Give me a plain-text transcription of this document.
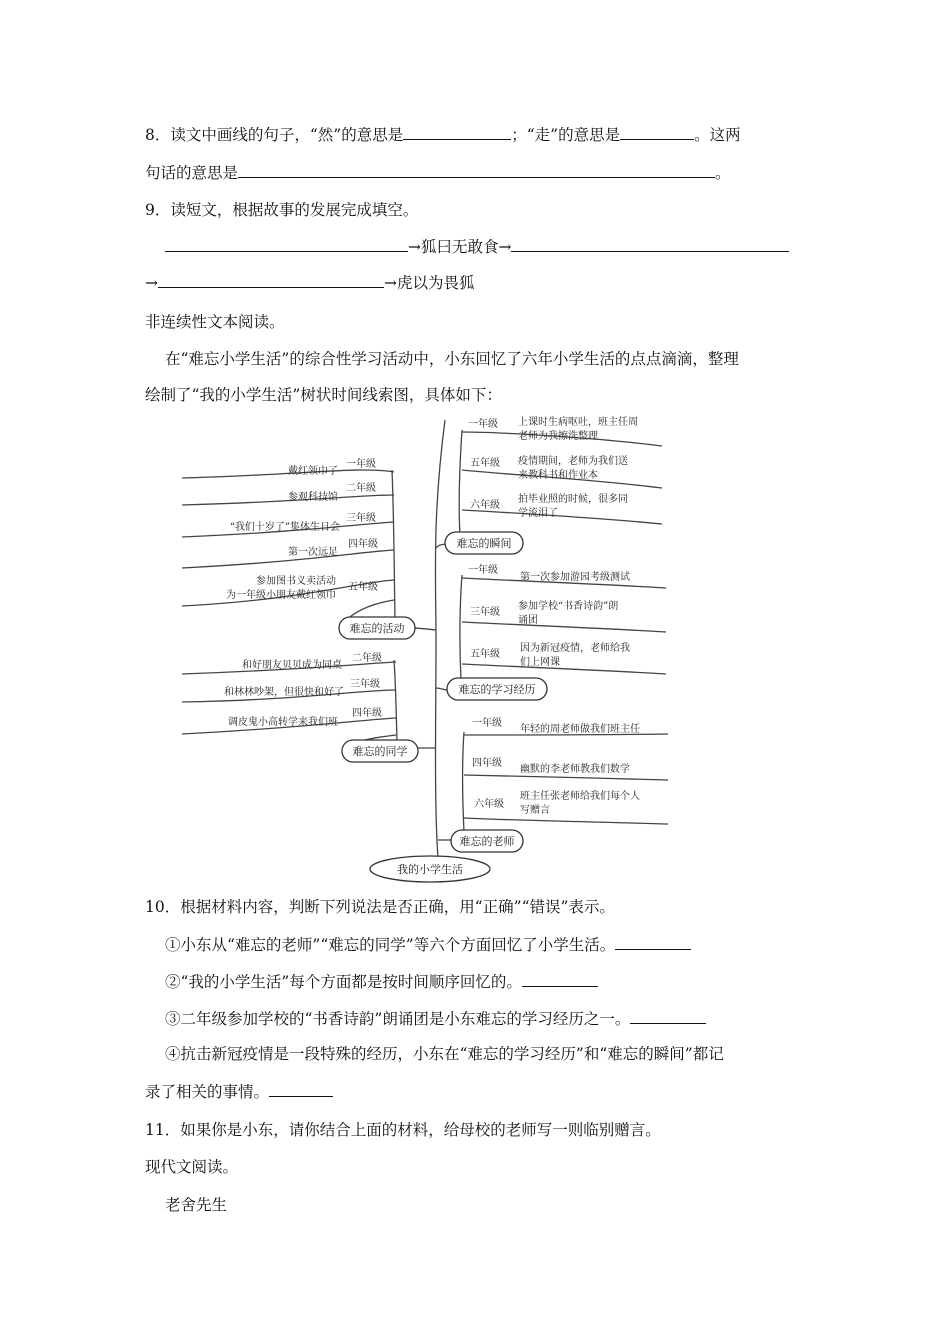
8．读文中画线的句子，“然”的意思是	；“走”的意思是	。这两
句话的意思是	。
9．读短文，根据故事的发展完成填空。
→狐曰无敢食→
→	→虎以为畏狐
非连续性文本阅读。
在“难忘小学生活”的综合性学习活动中，小东回忆了六年小学生活的点点滴滴，整理
绘制了“我的小学生活”树状时间线索图，具体如下：
难忘的活动
难忘的同学
难忘的瞬间
难忘的学习经历
难忘的老师
我的小学生活
一年级
戴红领巾了
二年级
参观科技馆
三年级
“我们十岁了”集体生日会
四年级
第一次远足
五年级
参加图书义卖活动
为一年级小朋友戴红领巾
二年级
和好朋友贝贝成为同桌
三年级
和林林吵架，但很快和好了
四年级
调皮鬼小高转学来我们班
一年级 上课时生病呕吐，班主任周
老师为我擦洗整理
五年级 疫情期间，老师为我们送
来教科书和作业本
六年级
拍毕业照的时候，很多同
学流泪了
一年级
第一次参加游园考级测试
三年级
参加学校“书香诗韵”朗
诵团
五年级
因为新冠疫情，老师给我
们上网课
一年级
年轻的周老师做我们班主任
四年级
幽默的李老师教我们数学
六年级
班主任张老师给我们每个人
写赠言
10．根据材料内容，判断下列说法是否正确，用“正确”“错误”表示。
①小东从“难忘的老师”“难忘的同学”等六个方面回忆了小学生活。
②“我的小学生活”每个方面都是按时间顺序回忆的。
③二年级参加学校的“书香诗韵”朗诵团是小东难忘的学习经历之一。
④抗击新冠疫情是一段特殊的经历，小东在“难忘的学习经历”和“难忘的瞬间”都记
录了相关的事情。
11．如果你是小东，请你结合上面的材料，给母校的老师写一则临别赠言。
现代文阅读。
老舍先生
